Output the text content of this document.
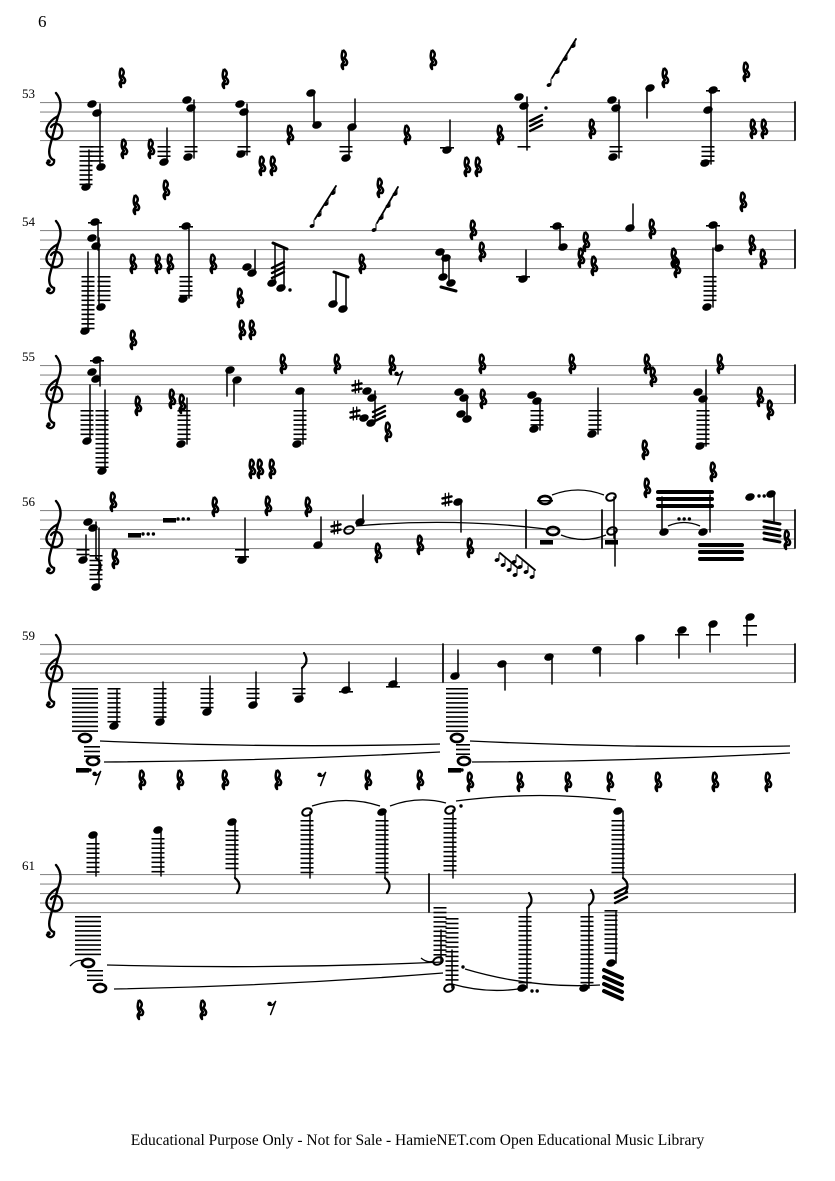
6
Educational Purpose Only - Not for Sale - HamieNET.com Open Educational Music Library
53
54
55
56
59
61
